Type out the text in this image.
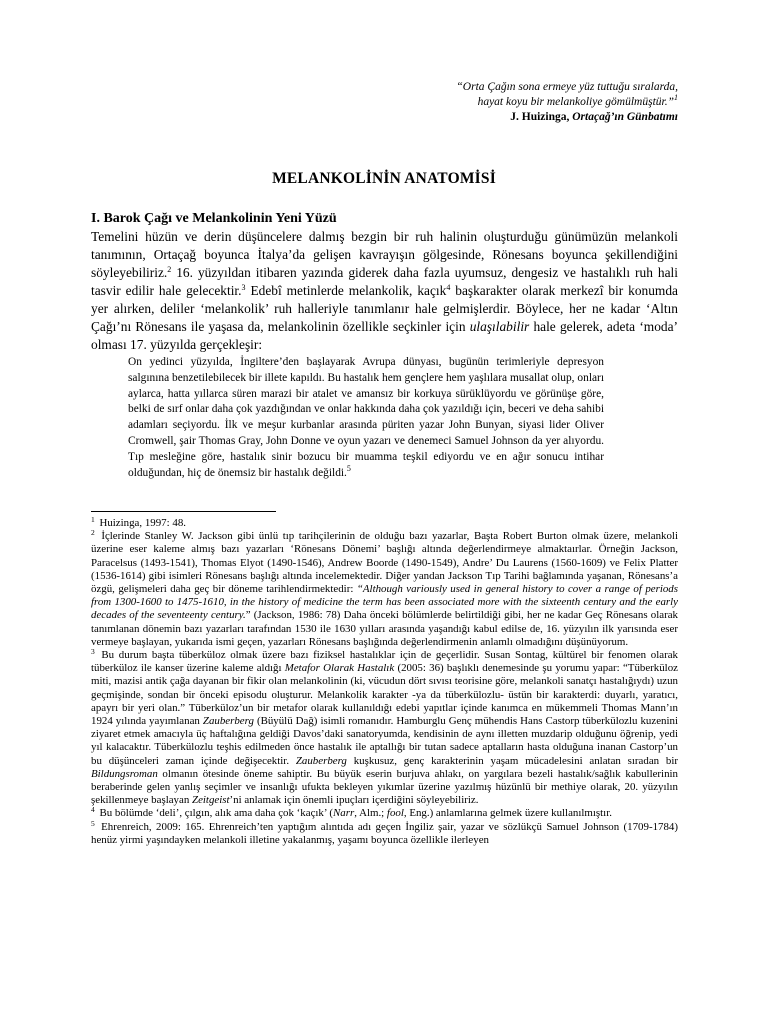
“Orta Çağın sona ermeye yüz tuttuğu sıralarda,
hayat koyu bir melankoliye gömülmüştür.”$^1$
J. Huizinga, Ortaçağ’ın Günbatımı
MELANKOLİNİN ANATOMİSİ
I. Barok Çağı ve Melankolinin Yeni Yüzü

Temelini hüzün ve derin düşüncelere dalmış bezgin bir ruh halinin oluşturduğu günümüzün melankoli tanımının, Ortaçağ boyunca İtalya’da gelişen kavrayışın gölgesinde, Rönesans boyunca şekillendiğini söyleyebiliriz.$^2$ 16. yüzyıldan itibaren yazında giderek daha fazla uyumsuz, dengesiz ve hastalıklı ruh hali tasvir edilir hale gelecektir.$^3$ Edebî metinlerde melankolik, kaçık$^4$ başkarakter olarak merkezî bir konumda yer alırken, deliler ‘melankolik’ ruh halleriyle tanımlanır hale gelmişlerdir. Böylece, her ne kadar ‘Altın Çağı’nı Rönesans ile yaşasa da, melankolinin özellikle seçkinler için ulaşılabilir hale gelerek, adeta ‘moda’ olması 17. yüzyılda gerçekleşir:

On yedinci yüzyılda, İngiltere’den başlayarak Avrupa dünyası, bugünün terimleriyle depresyon salgınına benzetilebilecek bir illete kapıldı. Bu hastalık hem gençlere hem yaşlılara musallat olup, onları aylarca, hatta yıllarca süren marazi bir atalet ve amansız bir korkuya sürüklüyordu ve görünüşe göre, belki de sırf onlar daha çok yazdığından ve onlar hakkında daha çok yazıldığı için, beceri ve deha sahibi adamları seçiyordu. İlk ve meşur kurbanlar arasında püriten yazar John Bunyan, siyasi lider Oliver Cromwell, şair Thomas Gray, John Donne ve oyun yazarı ve denemeci Samuel Johnson da yer alıyordu. Tıp mesleğine göre, hastalık sinir bozucu bir muamma teşkil ediyordu ve en ağır sonucu intihar olduğundan, hiç de önemsiz bir hastalık değildi.$^5$

$^1$ Huizinga, 1997: 48.

$^2$ İçlerinde Stanley W. Jackson gibi ünlü tıp tarihçilerinin de olduğu bazı yazarlar, Başta Robert Burton olmak üzere, melankoli üzerine eser kaleme almış bazı yazarları ‘Rönesans Dönemi’ başlığı altında değerlendirmeye almaktaırlar. Örneğin Jackson, Paracelsus (1493-1541), Thomas Elyot (1490-1546), Andrew Boorde (1490-1549), Andre’ Du Laurens (1560-1609) ve Felix Platter (1536-1614) gibi isimleri Rönesans başlığı altında incelemektedir. Diğer yandan Jackson Tıp Tarihi bağlamında yaşanan, Rönesans’a özgü, gelişmeleri daha geç bir döneme tarihlendirmektedir: “Although variously used in general history to cover a range of periods from 1300-1600 to 1475-1610, in the history of medicine the term has been associated more with the sixteenth century and the early decades of the seventeenty century.” (Jackson, 1986: 78) Daha önceki bölümlerde belirtildiği gibi, her ne kadar Geç Rönesans olarak tanımlanan dönemin bazı yazarları tarafından 1530 ile 1630 yılları arasında yaşandığı kabul edilse de, 16. yüzyılın ilk yarısında eser vermeye başlayan, yukarıda ismi geçen, yazarları Rönesans başlığında değerlendirmenin anlamlı olmadığını düşünüyorum.

$^3$ Bu durum başta tüberküloz olmak üzere bazı fiziksel hastalıklar için de geçerlidir. Susan Sontag, kültürel bir fenomen olarak tüberküloz ile kanser üzerine kaleme aldığı Metafor Olarak Hastalık (2005: 36) başlıklı denemesinde şu yorumu yapar: “Tüberküloz miti, mazisi antik çağa dayanan bir fikir olan melankolinin (ki, vücudun dört sıvısı teorisine göre, melankoli sanatçı hastalığıydı) uzun geçmişinde, sondan bir önceki episodu oluşturur. Melankolik karakter -ya da tüberkülozlu- üstün bir karakterdi: duyarlı, yaratıcı, apayrı bir yeri olan.” Tüberküloz’un bir metafor olarak kullanıldığı edebi yapıtlar içinde kanımca en mükemmeli Thomas Mann’ın 1924 yılında yayımlanan Zauberberg (Büyülü Dağ) isimli romanıdır. Hamburglu Genç mühendis Hans Castorp tüberkülozlu kuzenini ziyaret etmek amacıyla üç haftalığına geldiği Davos’daki sanatoryumda, kendisinin de aynı illetten muzdarip olduğunu öğrenip, yedi yıl kalacaktır. Tüberkülozlu teşhis edilmeden önce hastalık ile aptallığı bir tutan sadece aptalların hasta olduğuna inanan Castorp’un bu düşünceleri zaman içinde değişecektir. Zauberberg kuşkusuz, genç karakterinin yaşam mücadelesini anlatan sıradan bir Bildungsroman olmanın ötesinde öneme sahiptir. Bu büyük eserin burjuva ahlakı, on yargılara bezeli hastalık/sağlık kabullerinin beraberinde gelen yanlış seçimler ve insanlığı ufukta bekleyen yıkımlar üzerine yazılmış hüzünlü bir methiye olarak, 20. yüzyılın şekillenmeye başlayan Zeitgeist’ni anlamak için önemli ipuçları içerdiğini söyleyebiliriz.

$^4$ Bu bölümde ‘deli’, çılgın, alık ama daha çok ‘kaçık’ (Narr, Alm.; fool, Eng.) anlamlarına gelmek üzere kullanılmıştır.

$^5$ Ehrenreich, 2009: 165. Ehrenreich’ten yaptığım alıntıda adı geçen İngiliz şair, yazar ve sözlükçü Samuel Johnson (1709-1784) henüz yirmi yaşındayken melankoli illetine yakalanmış, yaşamı boyunca özellikle ilerleyen
